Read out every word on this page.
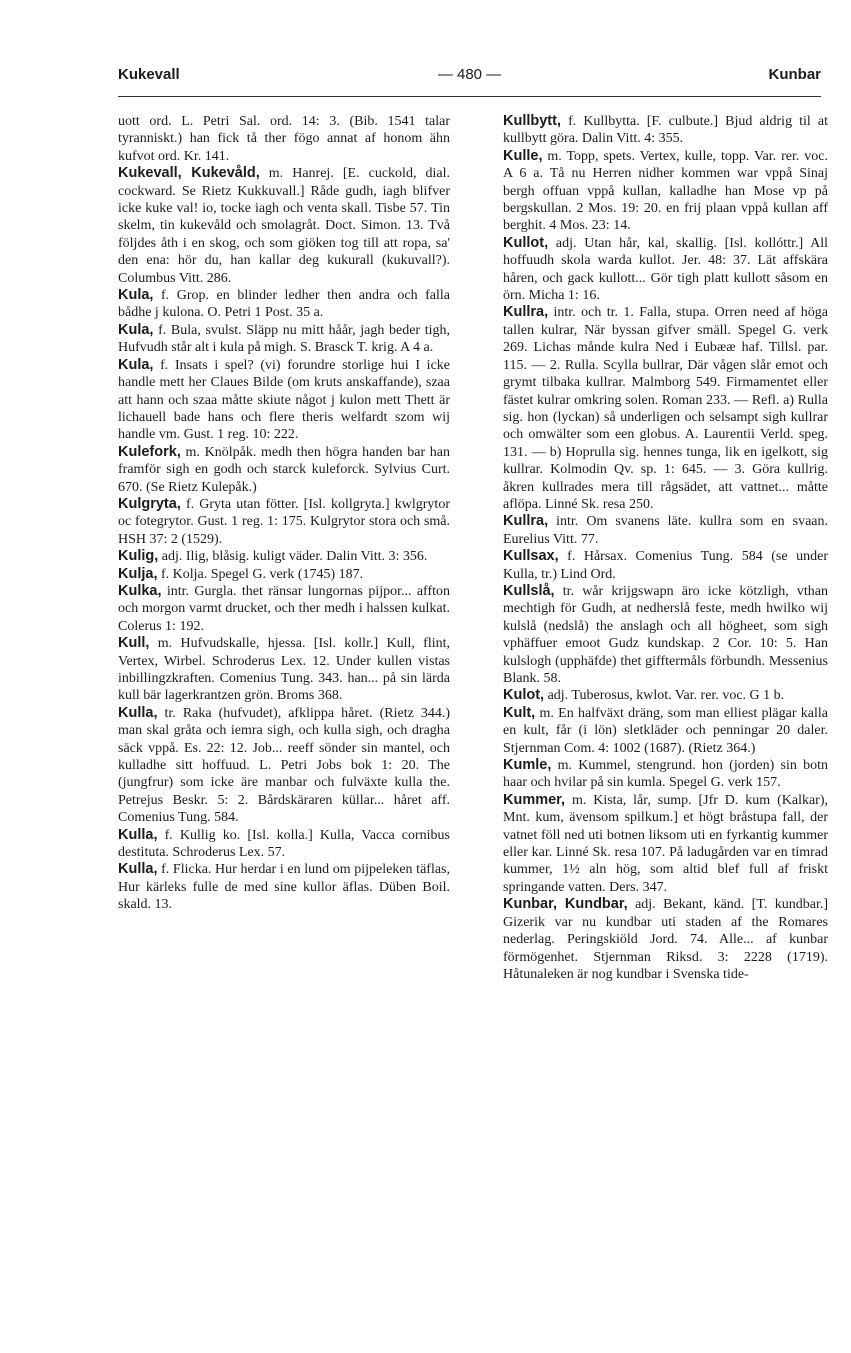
Kukevall	— 480 —	Kunbar

uott ord. L. Petri Sal. ord. 14: 3. (Bib. 1541 talar tyranniskt.) han fick tå ther fögo annat af honom ähn kufvot ord. Kr. 141.

Kukevall, Kukevåld, m. Hanrej. [E. cuckold, dial. cockward. Se Rietz Kukkuvall.] Råde gudh, iagh blifver icke kuke val! io, tocke iagh och venta skall. Tisbe 57. Tin skelm, tin kukevåld och smolagråt. Doct. Simon. 13. Två följdes åth i en skog, och som giöken tog till att ropa, sa' den ena: hör du, han kallar deg kukurall (kukuvall?). Columbus Vitt. 286.

Kula, f. Grop. en blinder ledher then andra och falla bådhe j kulona. O. Petri 1 Post. 35 a.

Kula, f. Bula, svulst. Släpp nu mitt håår, jagh beder tigh, Hufvudh står alt i kula på migh. S. Brasck T. krig. A 4 a.

Kula, f. Insats i spel? (vi) forundre storlige hui I icke handle mett her Claues Bilde (om kruts anskaffande), szaa att hann och szaa måtte skiute något j kulon mett Thett är lichauell bade hans och flere theris welfardt szom wij handle vm. Gust. 1 reg. 10: 222.

Kulefork, m. Knölpåk. medh then högra handen bar han framför sigh en godh och starck kuleforck. Sylvius Curt. 670. (Se Rietz Kulepåk.)

Kulgryta, f. Gryta utan fötter. [Isl. kollgryta.] kwlgrytor oc fotegrytor. Gust. 1 reg. 1: 175. Kulgrytor stora och små. HSH 37: 2 (1529).

Kulig, adj. Ilig, blåsig. kuligt väder. Dalin Vitt. 3: 356.

Kulja, f. Kolja. Spegel G. verk (1745) 187.

Kulka, intr. Gurgla. thet ränsar lungornas pijpor... affton och morgon varmt drucket, och ther medh i halssen kulkat. Colerus 1: 192.

Kull, m. Hufvudskalle, hjessa. [Isl. kollr.] Kull, flint, Vertex, Wirbel. Schroderus Lex. 12. Under kullen vistas inbillingzkraften. Comenius Tung. 343. han... på sin lärda kull bär lagerkrantzen grön. Broms 368.

Kulla, tr. Raka (hufvudet), afklippa håret. (Rietz 344.) man skal gråta och iemra sigh, och kulla sigh, och dragha säck vppå. Es. 22: 12. Job... reeff sönder sin mantel, och kulladhe sitt hoffuud. L. Petri Jobs bok 1: 20. The (jungfrur) som icke äre manbar och fulväxte kulla the. Petrejus Beskr. 5: 2. Bårdskäraren küllar... håret aff. Comenius Tung. 584.

Kulla, f. Kullig ko. [Isl. kolla.] Kulla, Vacca cornibus destituta. Schroderus Lex. 57.

Kulla, f. Flicka. Hur herdar i en lund om pijpeleken täflas, Hur kärleks fulle de med sine kullor äflas. Düben Boil. skald. 13.

Kullbytt, f. Kullbytta. [F. culbute.] Bjud aldrig til at kullbytt göra. Dalin Vitt. 4: 355.

Kulle, m. Topp, spets. Vertex, kulle, topp. Var. rer. voc. A 6 a. Tå nu Herren nidher kommen war vppå Sinaj bergh offuan vppå kullan, kalladhe han Mose vp på bergskullan. 2 Mos. 19: 20. en frij plaan vppå kullan aff berghit. 4 Mos. 23: 14.

Kullot, adj. Utan hår, kal, skallig. [Isl. kollóttr.] All hoffuudh skola warda kullot. Jer. 48: 37. Lät affskära håren, och gack kullott... Gör tigh platt kullott såsom en örn. Micha 1: 16.

Kullra, intr. och tr. 1. Falla, stupa. Orren need af höga tallen kulrar, När byssan gifver smäll. Spegel G. verk 269. Lichas månde kulra Ned i Eubææ haf. Tillsl. par. 115. — 2. Rulla. Scylla bullrar, Där vågen slår emot och grymt tilbaka kullrar. Malmborg 549. Firmamentet eller fästet kulrar omkring solen. Roman 233. — Refl. a) Rulla sig. hon (lyckan) så underligen och selsampt sigh kullrar och omwälter som een globus. A. Laurentii Verld. speg. 131. — b) Hoprulla sig. hennes tunga, lik en igelkott, sig kullrar. Kolmodin Qv. sp. 1: 645. — 3. Göra kullrig. åkren kullrades mera till rågsädet, att vattnet... måtte aflöpa. Linné Sk. resa 250.

Kullra, intr. Om svanens läte. kullra som en svaan. Eurelius Vitt. 77.

Kullsax, f. Hårsax. Comenius Tung. 584 (se under Kulla, tr.) Lind Ord.

Kullslå, tr. wår krijgswapn äro icke kötzligh, vthan mechtigh för Gudh, at nedherslå feste, medh hwilko wij kulslå (nedslå) the anslagh och all högheet, som sigh vphäffuer emoot Gudz kundskap. 2 Cor. 10: 5. Han kulslogh (upphäfde) thet gifftermåls förbundh. Messenius Blank. 58.

Kulot, adj. Tuberosus, kwlot. Var. rer. voc. G 1 b.

Kult, m. En halfväxt dräng, som man elliest plägar kalla en kult, får (i lön) sletkläder och penningar 20 daler. Stjernman Com. 4: 1002 (1687). (Rietz 364.)

Kumle, m. Kummel, stengrund. hon (jorden) sin botn haar och hvilar på sin kumla. Spegel G. verk 157.

Kummer, m. Kista, lår, sump. [Jfr D. kum (Kalkar), Mnt. kum, ävensom spilkum.] et högt bråstupa fall, der vatnet föll ned uti botnen liksom uti en fyrkantig kummer eller kar. Linné Sk. resa 107. På ladugården var en timrad kummer, 1½ aln hög, som altid blef full af friskt springande vatten. Ders. 347.

Kunbar, Kundbar, adj. Bekant, känd. [T. kundbar.] Gizerik var nu kundbar uti staden af the Romares nederlag. Peringskiöld Jord. 74. Alle... af kunbar förmögenhet. Stjernman Riksd. 3: 2228 (1719). Håtunaleken är nog kundbar i Svenska tide-
